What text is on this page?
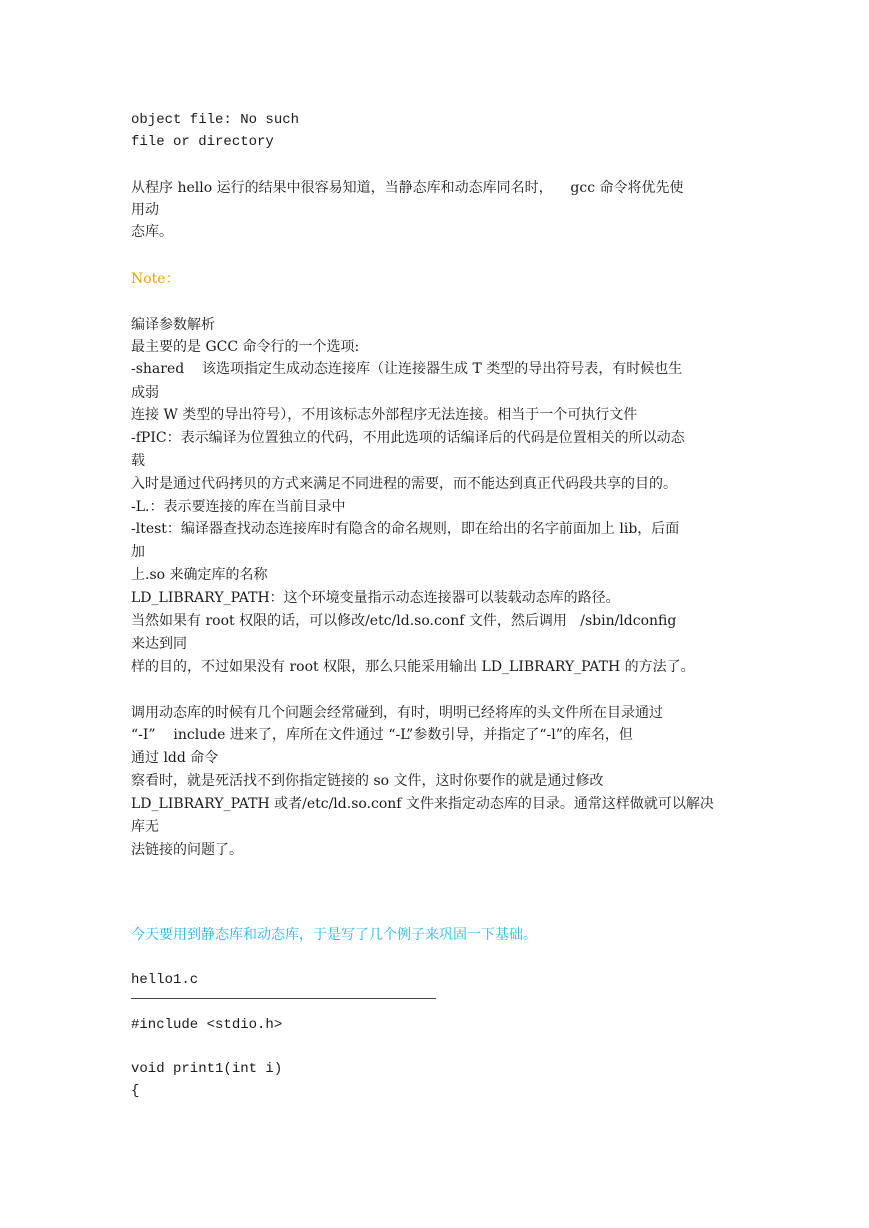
object file: No such
file or directory
从程序 hello 运行的结果中很容易知道，当静态库和动态库同名时，    gcc 命令将优先使
用动
态库。
Note：
编译参数解析
最主要的是 GCC 命令行的一个选项:
-shared    该选项指定生成动态连接库（让连接器生成 T 类型的导出符号表，有时候也生
成弱
连接 W 类型的导出符号），不用该标志外部程序无法连接。相当于一个可执行文件
-fPIC：表示编译为位置独立的代码，不用此选项的话编译后的代码是位置相关的所以动态
载
入时是通过代码拷贝的方式来满足不同进程的需要，而不能达到真正代码段共享的目的。
-L.：表示要连接的库在当前目录中
-ltest：编译器查找动态连接库时有隐含的命名规则，即在给出的名字前面加上 lib，后面
加
上.so 来确定库的名称
LD_LIBRARY_PATH：这个环境变量指示动态连接器可以装载动态库的路径。
当然如果有 root 权限的话，可以修改/etc/ld.so.conf 文件，然后调用   /sbin/ldconfig
来达到同
样的目的，不过如果没有 root 权限，那么只能采用输出 LD_LIBRARY_PATH 的方法了。
调用动态库的时候有几个问题会经常碰到，有时，明明已经将库的头文件所在目录通过
“-I”    include 进来了，库所在文件通过 “-L”参数引导，并指定了“-l”的库名，但
通过 ldd 命令
察看时，就是死活找不到你指定链接的 so 文件，这时你要作的就是通过修改
LD_LIBRARY_PATH 或者/etc/ld.so.conf 文件来指定动态库的目录。通常这样做就可以解决
库无
法链接的问题了。
今天要用到静态库和动态库，于是写了几个例子来巩固一下基础。
hello1.c
#include <stdio.h>
void print1(int i)
{
